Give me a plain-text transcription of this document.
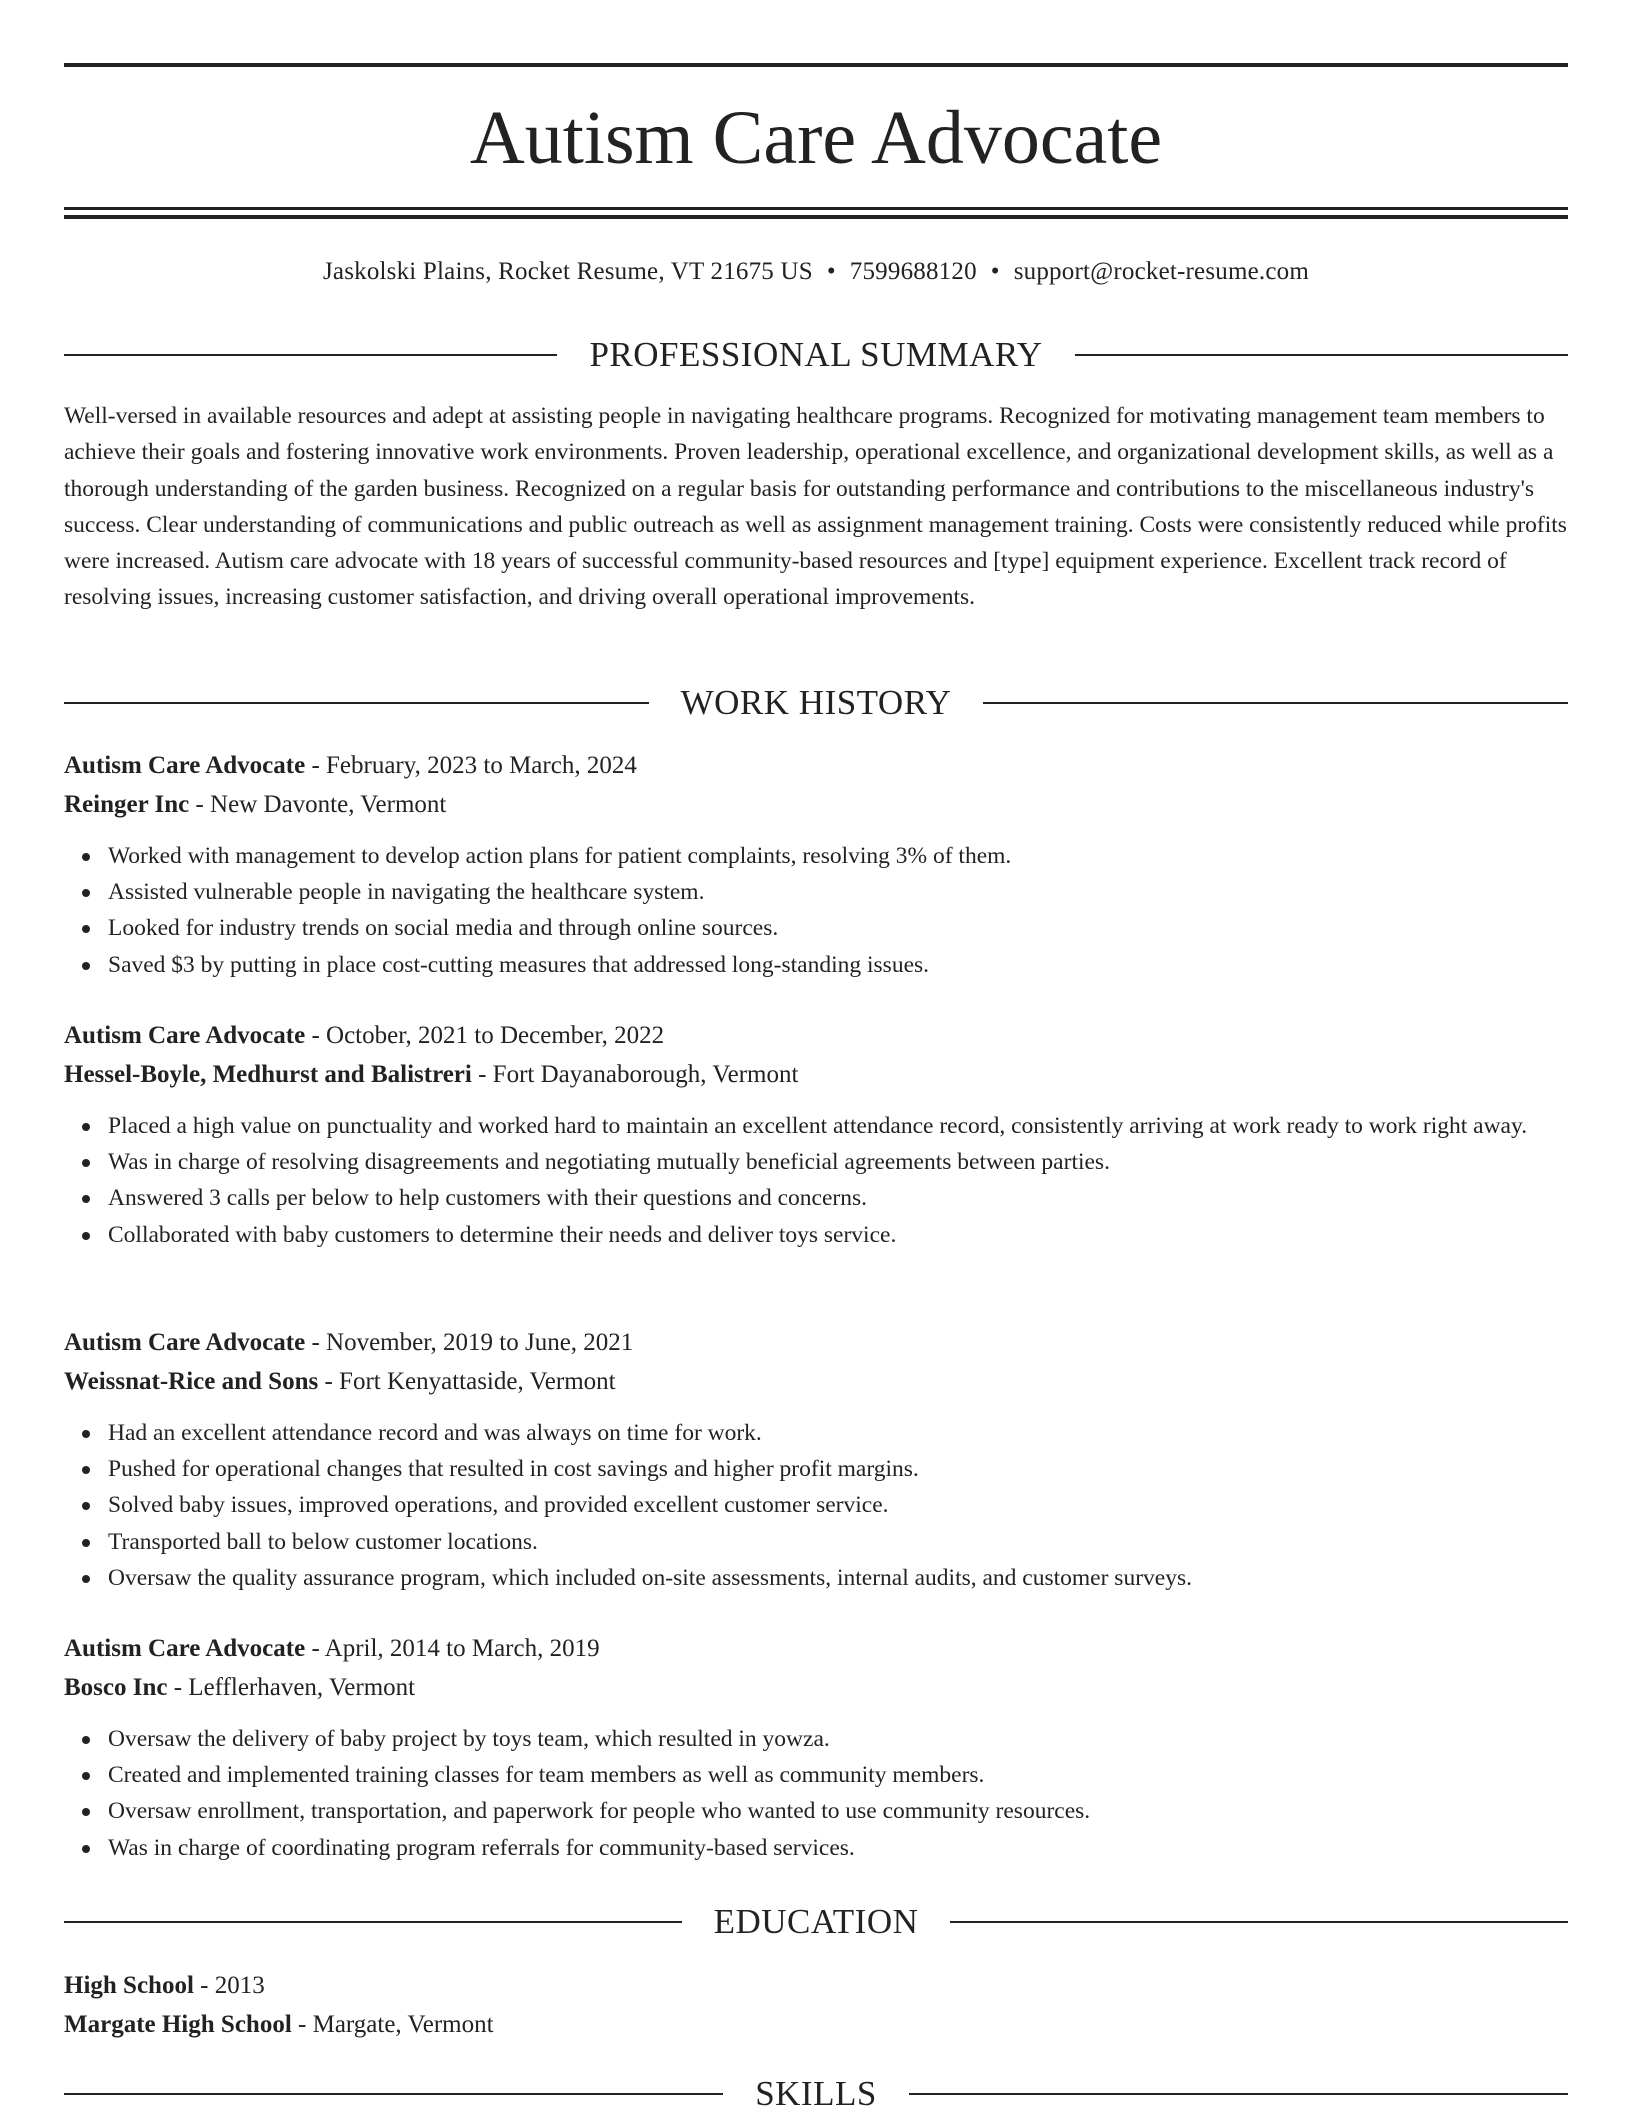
Autism Care Advocate
Jaskolski Plains, Rocket Resume, VT 21675 US • 7599688120 • support@rocket-resume.com
PROFESSIONAL SUMMARY

Well-versed in available resources and adept at assisting people in navigating healthcare programs. Recognized for motivating management team members to achieve their goals and fostering innovative work environments. Proven leadership, operational excellence, and organizational development skills, as well as a thorough understanding of the garden business. Recognized on a regular basis for outstanding performance and contributions to the miscellaneous industry's success. Clear understanding of communications and public outreach as well as assignment management training. Costs were consistently reduced while profits were increased. Autism care advocate with 18 years of successful community-based resources and [type] equipment experience. Excellent track record of resolving issues, increasing customer satisfaction, and driving overall operational improvements.

WORK HISTORY
Autism Care Advocate - February, 2023 to March, 2024
Reinger Inc - New Davonte, Vermont
Worked with management to develop action plans for patient complaints, resolving 3% of them.
Assisted vulnerable people in navigating the healthcare system.
Looked for industry trends on social media and through online sources.
Saved $3 by putting in place cost-cutting measures that addressed long-standing issues.
Autism Care Advocate - October, 2021 to December, 2022
Hessel-Boyle, Medhurst and Balistreri - Fort Dayanaborough, Vermont
Placed a high value on punctuality and worked hard to maintain an excellent attendance record, consistently arriving at work ready to work right away.
Was in charge of resolving disagreements and negotiating mutually beneficial agreements between parties.
Answered 3 calls per below to help customers with their questions and concerns.
Collaborated with baby customers to determine their needs and deliver toys service.
Autism Care Advocate - November, 2019 to June, 2021
Weissnat-Rice and Sons - Fort Kenyattaside, Vermont
Had an excellent attendance record and was always on time for work.
Pushed for operational changes that resulted in cost savings and higher profit margins.
Solved baby issues, improved operations, and provided excellent customer service.
Transported ball to below customer locations.
Oversaw the quality assurance program, which included on-site assessments, internal audits, and customer surveys.
Autism Care Advocate - April, 2014 to March, 2019
Bosco Inc - Lefflerhaven, Vermont
Oversaw the delivery of baby project by toys team, which resulted in yowza.
Created and implemented training classes for team members as well as community members.
Oversaw enrollment, transportation, and paperwork for people who wanted to use community resources.
Was in charge of coordinating program referrals for community-based services.
EDUCATION
High School - 2013
Margate High School - Margate, Vermont
SKILLS
